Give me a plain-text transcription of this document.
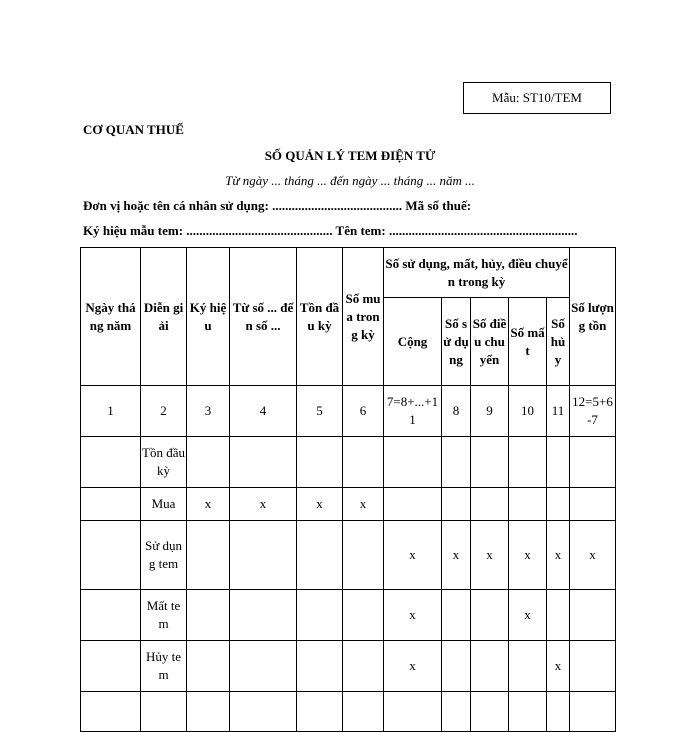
Mẫu: ST10/TEM
CƠ QUAN THUẾ
SỐ QUẢN LÝ TEM ĐIỆN TỬ
Từ ngày ... tháng ... đến ngày ... tháng ... năm ...
Đơn vị hoặc tên cá nhân sử dụng: ........................................ Mã số thuế:
Ký hiệu mẫu tem: ............................................. Tên tem: ..........................................................
Ngày tháng năm	Diễn giải	Ký hiệu	Từ số ... đến số ...	Tồn đầu kỳ	Số mua trong kỳ	Số sử dụng, mất, hủy, điều chuyển trong kỳ					Số lượng tồn
						Cộng	Số sử dụng	Số điều chuyển	Số mất	Số hủy	
1	2	3	4	5	6	7=8+...+11	8	9	10	11	12=5+6-7
	Tồn đầu kỳ										
	Mua	x	x	x	x						
	Sử dụng tem					x	x	x	x	x	x
	Mất tem					x			x		
	Hủy tem					x				x	
